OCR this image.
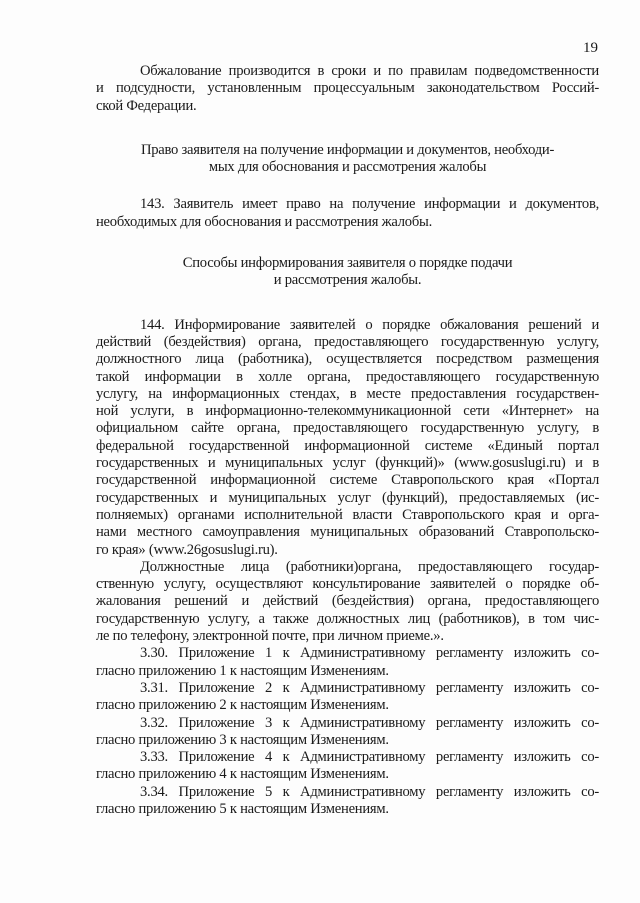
19

Обжалование производится в сроки и по правилам подведомственности
и подсудности, установленным процессуальным законодательством Россий-
ской Федерации.

Право заявителя на получение информации и документов, необходи-
мых для обоснования и рассмотрения жалобы

143. Заявитель имеет право на получение информации и документов,
необходимых для обоснования и рассмотрения жалобы.

Способы информирования заявителя о порядке подачи
и рассмотрения жалобы.

144. Информирование заявителей о порядке обжалования решений и
действий (бездействия) органа, предоставляющего государственную услугу,
должностного лица (работника), осуществляется посредством размещения
такой информации в холле органа, предоставляющего государственную
услугу, на информационных стендах, в месте предоставления государствен-
ной услуги, в информационно-телекоммуникационной сети «Интернет» на
официальном сайте органа, предоставляющего государственную услугу, в
федеральной государственной информационной системе «Единый портал
государственных и муниципальных услуг (функций)» (www.gosuslugi.ru) и в
государственной информационной системе Ставропольского края «Портал
государственных и муниципальных услуг (функций), предоставляемых (ис-
полняемых) органами исполнительной власти Ставропольского края и орга-
нами местного самоуправления муниципальных образований Ставропольско-
го края» (www.26gosuslugi.ru).

Должностные лица (работники)органа, предоставляющего государ-
ственную услугу, осуществляют консультирование заявителей о порядке об-
жалования решений и действий (бездействия) органа, предоставляющего
государственную услугу, а также должностных лиц (работников), в том чис-
ле по телефону, электронной почте, при личном приеме.».

3.30. Приложение 1 к Административному регламенту изложить со-
гласно приложению 1 к настоящим Изменениям.

3.31. Приложение 2 к Административному регламенту изложить со-
гласно приложению 2 к настоящим Изменениям.

3.32. Приложение 3 к Административному регламенту изложить со-
гласно приложению 3 к настоящим Изменениям.

3.33. Приложение 4 к Административному регламенту изложить со-
гласно приложению 4 к настоящим Изменениям.

3.34. Приложение 5 к Административному регламенту изложить со-
гласно приложению 5 к настоящим Изменениям.
